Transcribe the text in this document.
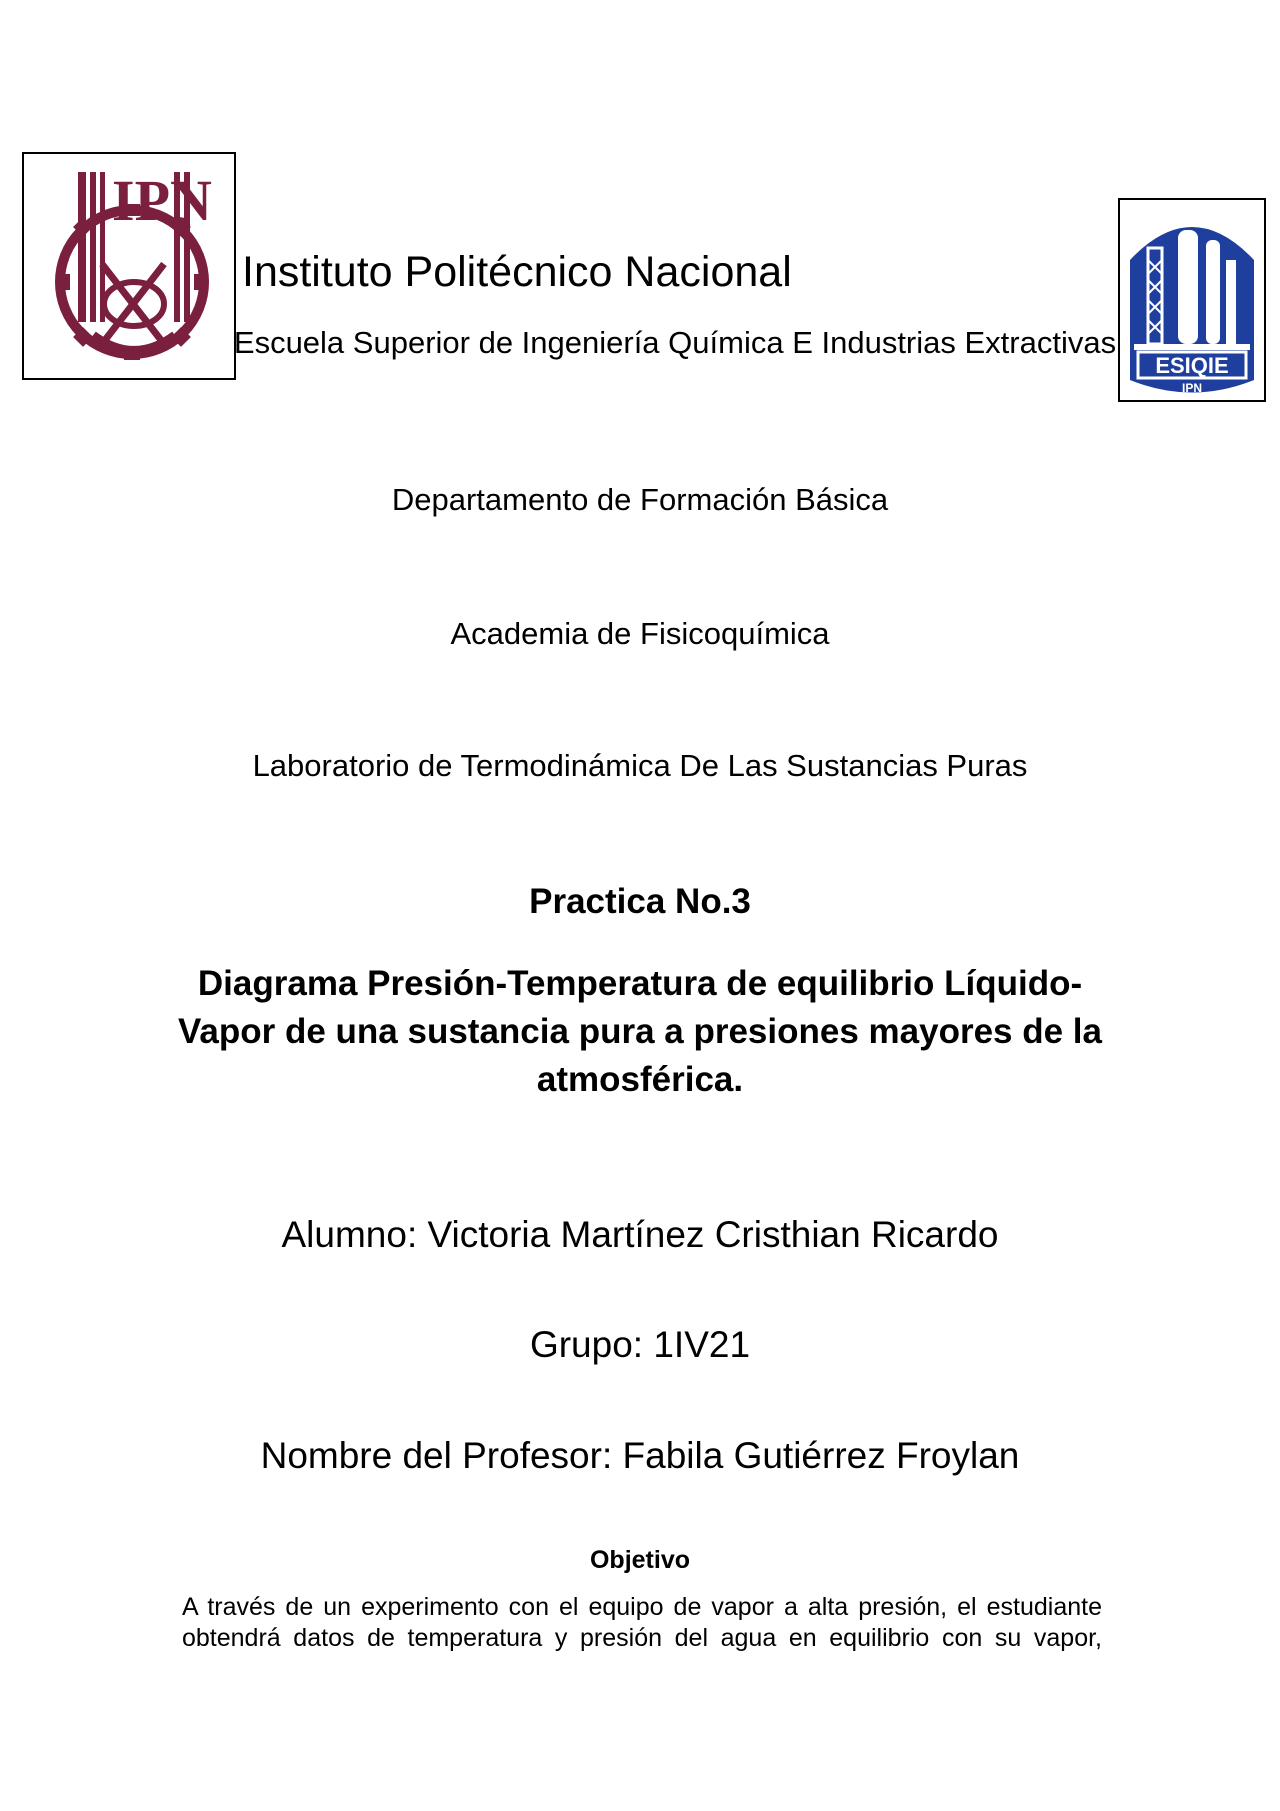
IPN
ESIQIE
IPN
Instituto Politécnico Nacional
Escuela Superior de Ingeniería Química E Industrias Extractivas
Departamento de Formación Básica
Academia de Fisicoquímica
Laboratorio de Termodinámica De Las Sustancias Puras
Practica No.3
Diagrama Presión-Temperatura de equilibrio Líquido-Vapor de una sustancia pura a presiones mayores de la atmosférica.
Alumno: Victoria Martínez Cristhian Ricardo
Grupo: 1IV21
Nombre del Profesor: Fabila Gutiérrez Froylan
Objetivo
A través de un experimento con el equipo de vapor a alta presión, el estudiante
obtendrá datos de temperatura y presión del agua en equilibrio con su vapor,
